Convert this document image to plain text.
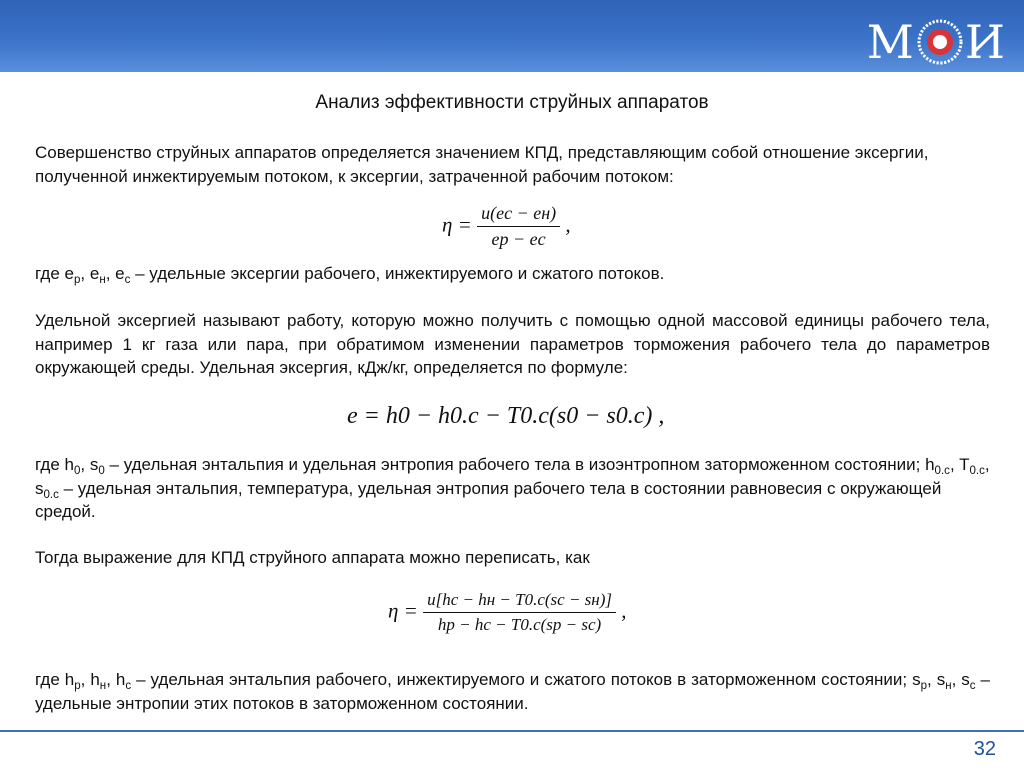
М И
Анализ эффективности струйных аппаратов
Совершенство струйных аппаратов определяется значением КПД, представляющим собой отношение эксергии, полученной инжектируемым потоком, к эксергии, затраченной рабочим потоком:
$\eta = \frac{u(ec - eн)}{eр - ec}$ ,
где $e_р$, $e_н$, $e_c$ – удельные эксергии рабочего, инжектируемого и сжатого потоков.
Удельной эксергией называют работу, которую можно получить с помощью одной массовой единицы рабочего тела, например 1 кг газа или пара, при обратимом изменении параметров торможения рабочего тела до параметров окружающей среды. Удельная эксергия, кДж/кг, определяется по формуле:
e = h0 − h0.c − T0.c(s0 − s0.c) ,
где $h_0$, $s_0$ – удельная энтальпия и удельная энтропия рабочего тела в изоэнтропном заторможенном состоянии; $h_{0.c}$, $T_{0.c}$, $s_{0.c}$ – удельная энтальпия, температура, удельная энтропия рабочего тела в состоянии равновесия с окружающей средой.
Тогда выражение для КПД струйного аппарата можно переписать, как
$\eta = \frac{u[hc - hн - T0.c(sc - sн)]}{hр - hc - T0.c(sр - sc)}$ ,
где $h_р$, $h_н$, $h_c$ – удельная энтальпия рабочего, инжектируемого и сжатого потоков в заторможенном состоянии; $s_р$, $s_н$, $s_c$ – удельные энтропии этих потоков в заторможенном состоянии.
32
